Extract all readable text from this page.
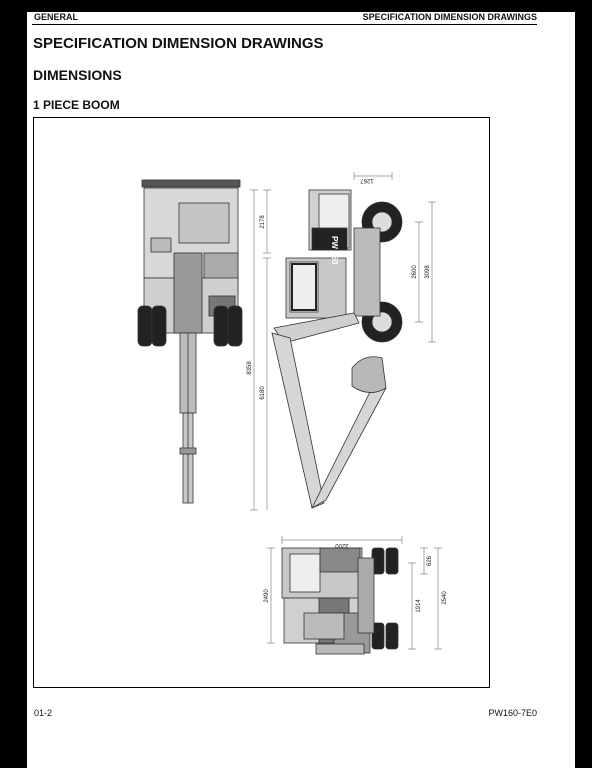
GENERAL	SPECIFICATION DIMENSION DRAWINGS
SPECIFICATION DIMENSION DRAWINGS
DIMENSIONS
1 PIECE BOOM
PW 160
1267
2178
2600 3098
8358
6180
3200
626
2490
1914
2540
01-2	PW160-7E0
